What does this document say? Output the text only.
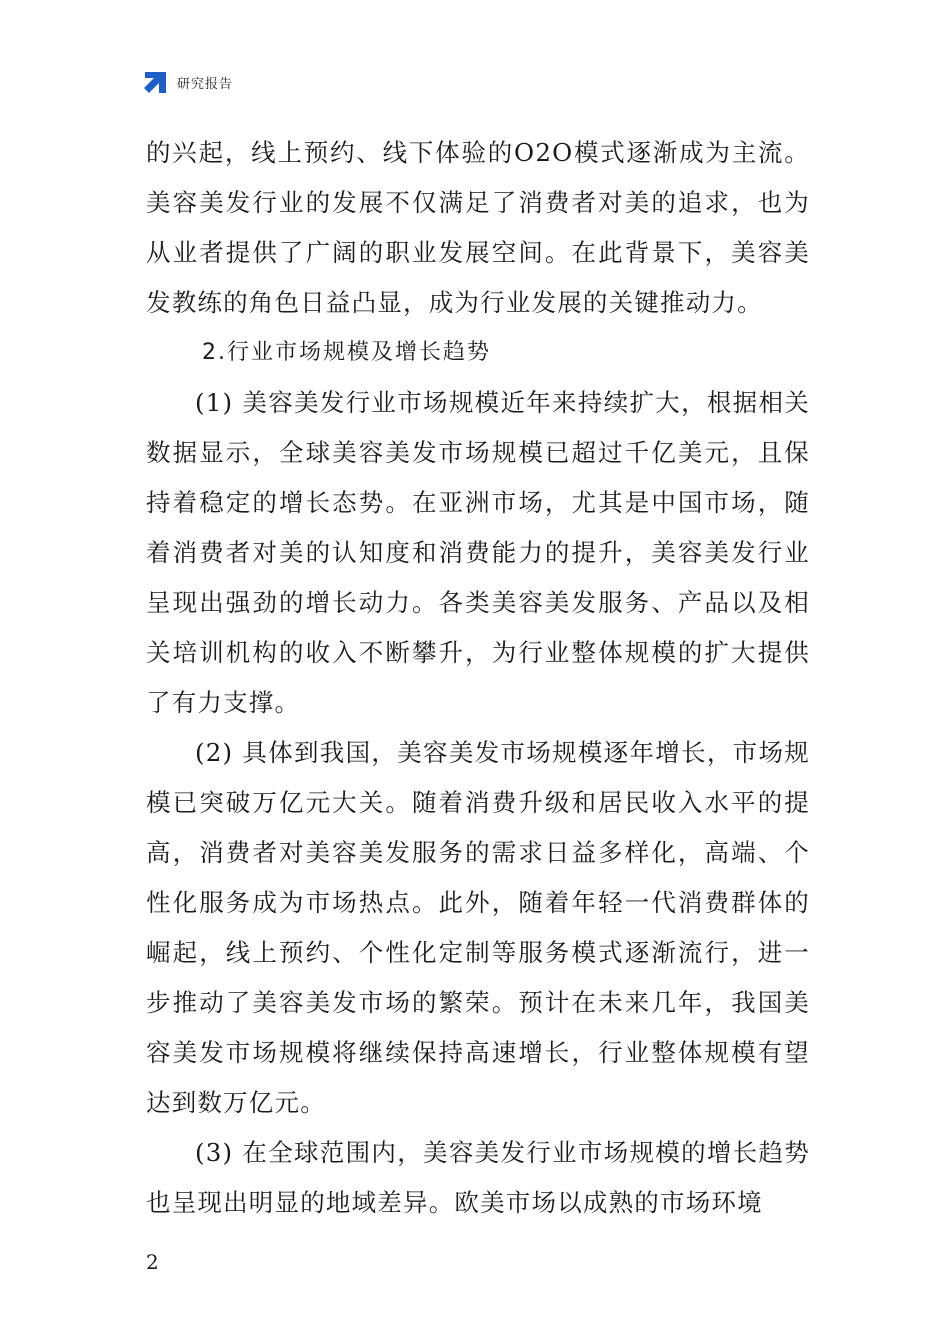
研究报告

的兴起，线上预约、线下体验的O2O模式逐渐成为主流。美容美发行业的发展不仅满足了消费者对美的追求，也为从业者提供了广阔的职业发展空间。在此背景下，美容美发教练的角色日益凸显，成为行业发展的关键推动力。

2.行业市场规模及增长趋势

(1) 美容美发行业市场规模近年来持续扩大，根据相关数据显示，全球美容美发市场规模已超过千亿美元，且保持着稳定的增长态势。在亚洲市场，尤其是中国市场，随着消费者对美的认知度和消费能力的提升，美容美发行业呈现出强劲的增长动力。各类美容美发服务、产品以及相关培训机构的收入不断攀升，为行业整体规模的扩大提供了有力支撑。

(2) 具体到我国，美容美发市场规模逐年增长，市场规模已突破万亿元大关。随着消费升级和居民收入水平的提高，消费者对美容美发服务的需求日益多样化，高端、个性化服务成为市场热点。此外，随着年轻一代消费群体的崛起，线上预约、个性化定制等服务模式逐渐流行，进一步推动了美容美发市场的繁荣。预计在未来几年，我国美容美发市场规模将继续保持高速增长，行业整体规模有望达到数万亿元。

(3) 在全球范围内，美容美发行业市场规模的增长趋势也呈现出明显的地域差异。欧美市场以成熟的市场环境

2
